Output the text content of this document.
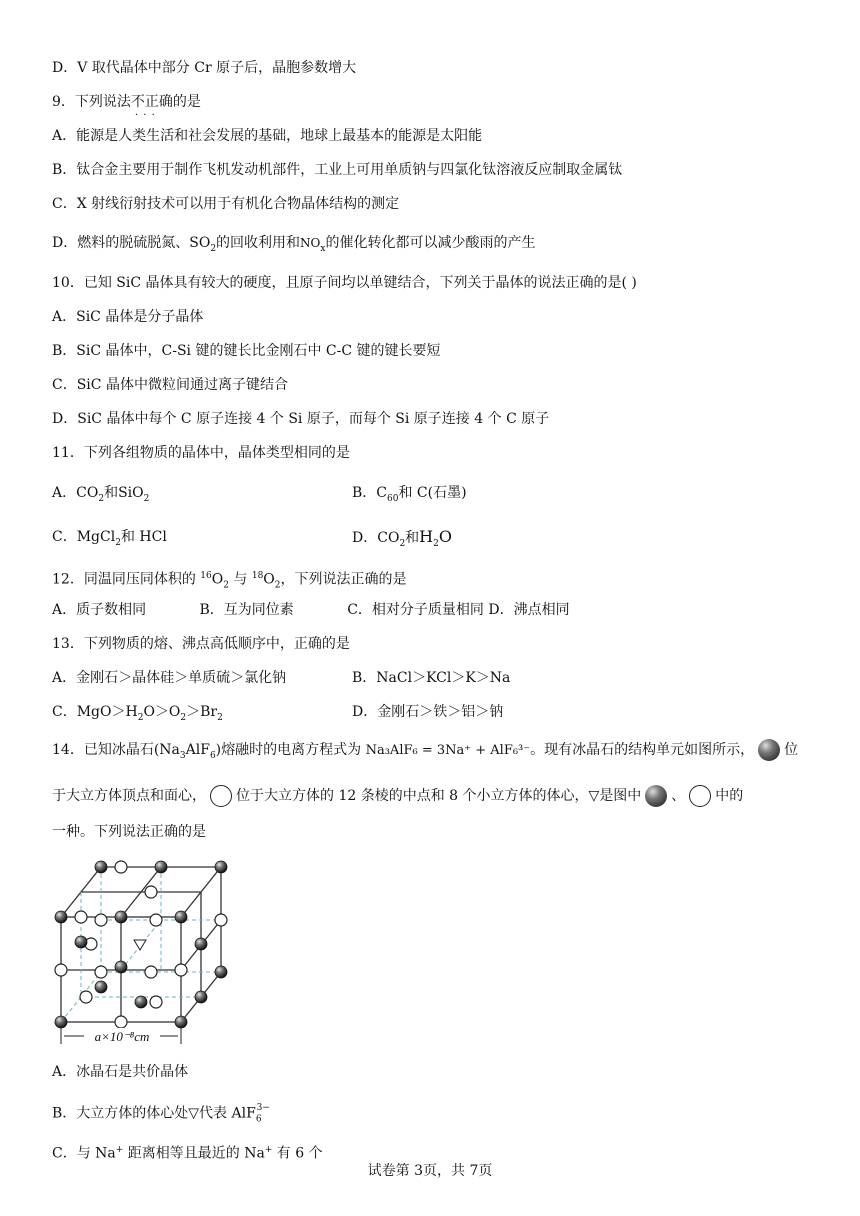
D．V 取代晶体中部分 Cr 原子后，晶胞参数增大
9．下列说法不正确 · · ·的是
A．能源是人类生活和社会发展的基础，地球上最基本的能源是太阳能
B．钛合金主要用于制作飞机发动机部件，工业上可用单质钠与四氯化钛溶液反应制取金属钛
C．X 射线衍射技术可以用于有机化合物晶体结构的测定
D．燃料的脱硫脱氮、$SO_2$的回收利用和$NO_x$的催化转化都可以减少酸雨的产生
10．已知 SiC 晶体具有较大的硬度，且原子间均以单键结合，下列关于晶体的说法正确的是( )
A．SiC 晶体是分子晶体
B．SiC 晶体中，C-Si 键的键长比金刚石中 C-C 键的键长要短
C．SiC 晶体中微粒间通过离子键结合
D．SiC 晶体中每个 C 原子连接 4 个 Si 原子，而每个 Si 原子连接 4 个 C 原子
11．下列各组物质的晶体中，晶体类型相同的是
A．$CO_2$和SiO$_2$	B．$C_{60}$和 C(石墨)
C．MgCl$_2$和 HCl	D．$CO_2$和$H_2O$
12．同温同压同体积的 $^{16}O_2$ 与 $^{18}O_2$，下列说法正确的是
A．质子数相同            B．互为同位素            C．相对分子质量相同 D．沸点相同
13．下列物质的熔、沸点高低顺序中，正确的是
A．金刚石＞晶体硅＞单质硫＞氯化钠	B．NaCl＞KCl＞K＞Na
C．$MgO>H_2O>O_2>Br_2$	D．金刚石＞铁＞铝＞钠
14．已知冰晶石$(Na_3AlF_6)$熔融时的电离方程式为 Na₃AlF₆ = 3Na⁺ + AlF₆³⁻。现有冰晶石的结构单元如图所示， 位
于大立方体顶点和面心， 位于大立方体的 12 条棱的中点和 8 个小立方体的体心，▽是图中 、 中的
一种。下列说法正确的是
a×10⁻⁸cm
A．冰晶石是共价晶体
B．大立方体的体心处▽代表 AlF$_6^{3-}$
C．与 Na+ 距离相等且最近的 Na+ 有 6 个
试卷第 3页，共 7页
